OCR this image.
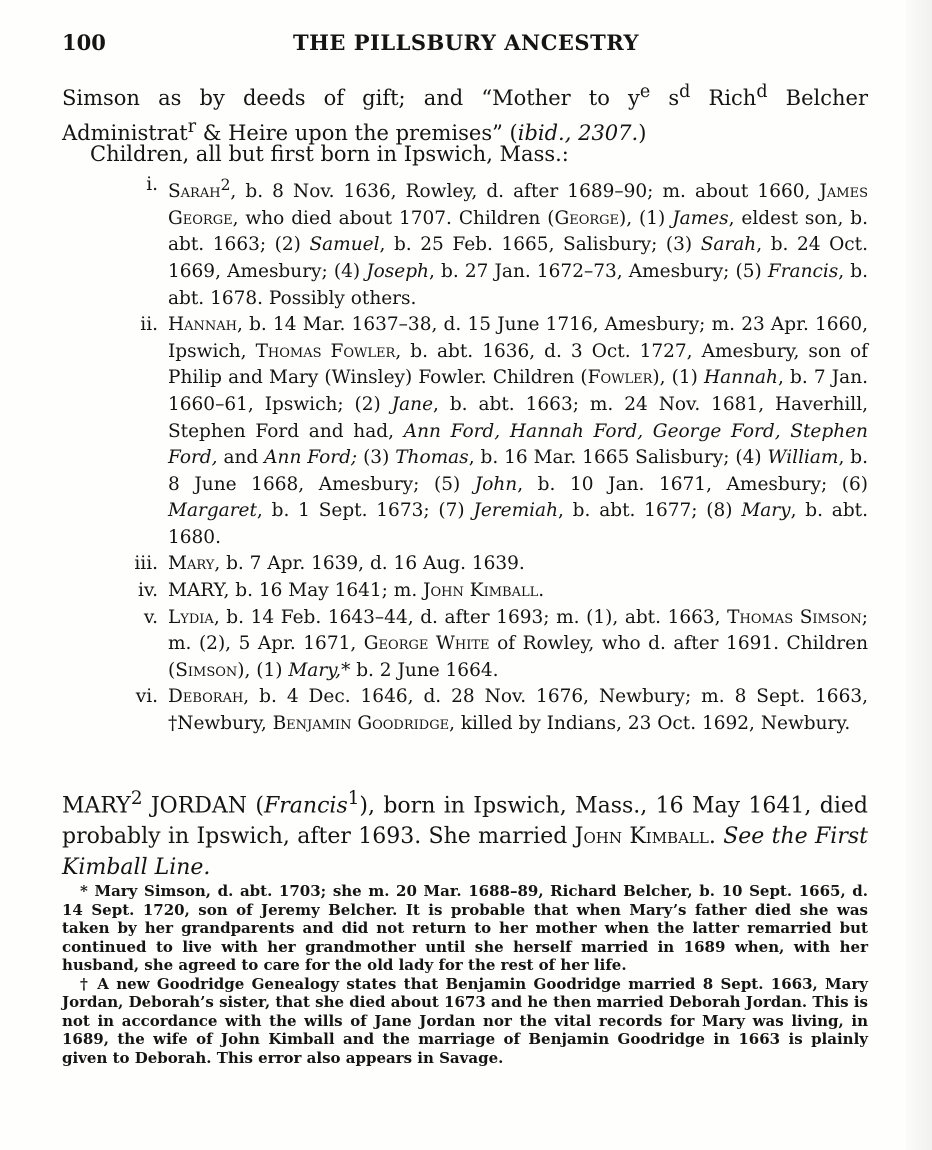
100	THE PILLSBURY ANCESTRY
Simson as by deeds of gift; and “Mother to $y^e$ $s^d$ Rich$^d$ Belcher Administrat$^r$ & Heire upon the premises” (ibid., 2307.)
Children, all but first born in Ipswich, Mass.:
i. Sarah$^2$, b. 8 Nov. 1636, Rowley, d. after 1689–90; m. about 1660, James George, who died about 1707. Children (George), (1) James, eldest son, b. abt. 1663; (2) Samuel, b. 25 Feb. 1665, Salisbury; (3) Sarah, b. 24 Oct. 1669, Amesbury; (4) Joseph, b. 27 Jan. 1672–73, Amesbury; (5) Francis, b. abt. 1678. Possibly others.
ii. Hannah, b. 14 Mar. 1637–38, d. 15 June 1716, Amesbury; m. 23 Apr. 1660, Ipswich, Thomas Fowler, b. abt. 1636, d. 3 Oct. 1727, Amesbury, son of Philip and Mary (Winsley) Fowler. Children (Fowler), (1) Hannah, b. 7 Jan. 1660–61, Ipswich; (2) Jane, b. abt. 1663; m. 24 Nov. 1681, Haverhill, Stephen Ford and had, Ann Ford, Hannah Ford, George Ford, Stephen Ford, and Ann Ford; (3) Thomas, b. 16 Mar. 1665 Salisbury; (4) William, b. 8 June 1668, Amesbury; (5) John, b. 10 Jan. 1671, Amesbury; (6) Margaret, b. 1 Sept. 1673; (7) Jeremiah, b. abt. 1677; (8) Mary, b. abt. 1680.
iii. Mary, b. 7 Apr. 1639, d. 16 Aug. 1639.
iv. MARY, b. 16 May 1641; m. John Kimball.
v. Lydia, b. 14 Feb. 1643–44, d. after 1693; m. (1), abt. 1663, Thomas Simson; m. (2), 5 Apr. 1671, George White of Rowley, who d. after 1691. Children (Simson), (1) Mary,* b. 2 June 1664.
vi. Deborah, b. 4 Dec. 1646, d. 28 Nov. 1676, Newbury; m. 8 Sept. 1663, †Newbury, Benjamin Goodridge, killed by Indians, 23 Oct. 1692, Newbury.
MARY$^2$ JORDAN (Francis$^1$), born in Ipswich, Mass., 16 May 1641, died probably in Ipswich, after 1693. She married John Kimball. See the First Kimball Line.

* Mary Simson, d. abt. 1703; she m. 20 Mar. 1688–89, Richard Belcher, b. 10 Sept. 1665, d. 14 Sept. 1720, son of Jeremy Belcher. It is probable that when Mary’s father died she was taken by her grandparents and did not return to her mother when the latter remarried but continued to live with her grandmother until she herself married in 1689 when, with her husband, she agreed to care for the old lady for the rest of her life.

† A new Goodridge Genealogy states that Benjamin Goodridge married 8 Sept. 1663, Mary Jordan, Deborah’s sister, that she died about 1673 and he then married Deborah Jordan. This is not in accordance with the wills of Jane Jordan nor the vital records for Mary was living, in 1689, the wife of John Kimball and the marriage of Benjamin Goodridge in 1663 is plainly given to Deborah. This error also appears in Savage.
